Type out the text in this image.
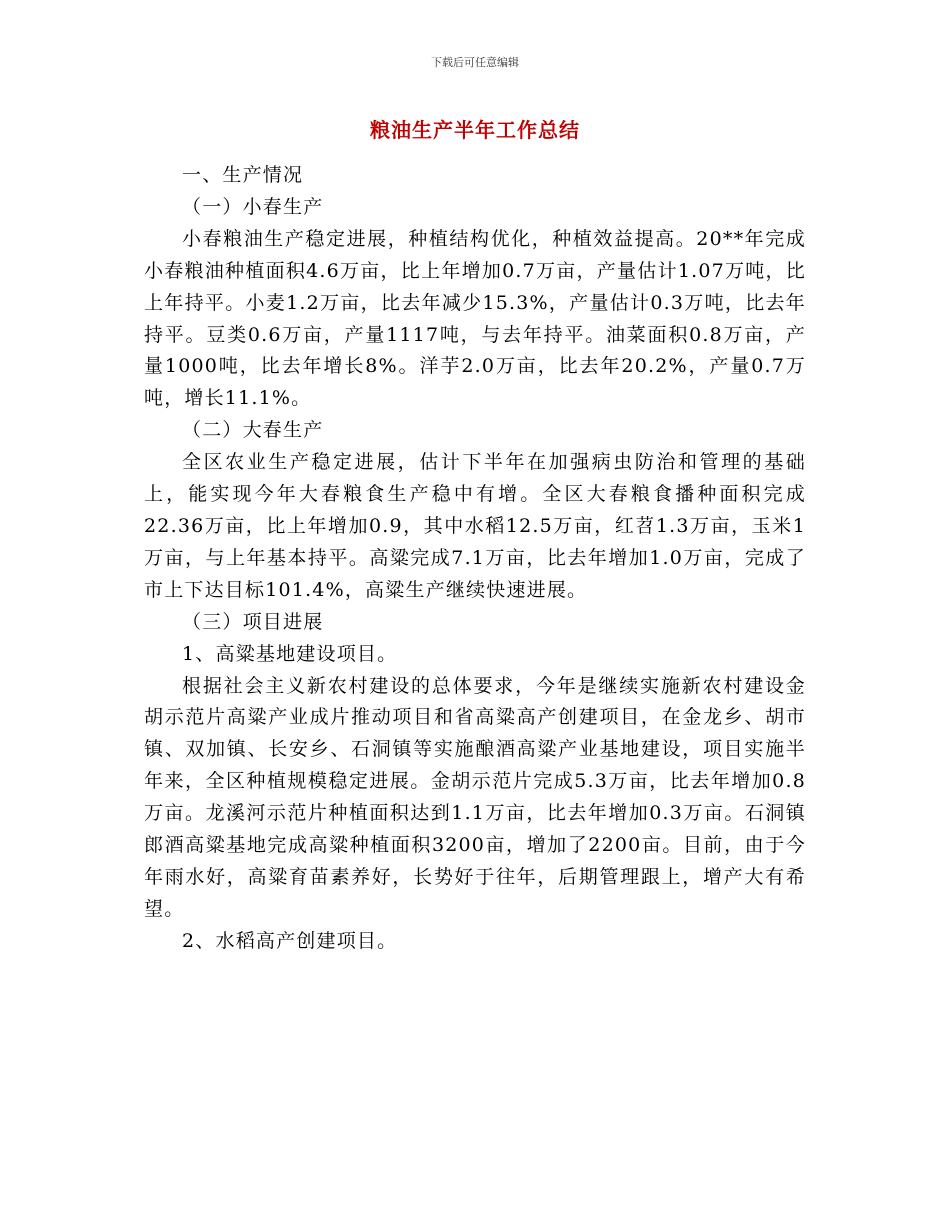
下载后可任意编辑
粮油生产半年工作总结

一、生产情况

（一）小春生产

小春粮油生产稳定进展，种植结构优化，种植效益提高。20**年完成小春粮油种植面积4.6万亩，比上年增加0.7万亩，产量估计1.07万吨，比上年持平。小麦1.2万亩，比去年减少15.3%，产量估计0.3万吨，比去年持平。豆类0.6万亩，产量1117吨，与去年持平。油菜面积0.8万亩，产量1000吨，比去年增长8%。洋芋2.0万亩，比去年20.2%，产量0.7万吨，增长11.1%。

（二）大春生产

全区农业生产稳定进展，估计下半年在加强病虫防治和管理的基础上，能实现今年大春粮食生产稳中有增。全区大春粮食播种面积完成22.36万亩，比上年增加0.9，其中水稻12.5万亩，红苕1.3万亩，玉米1万亩，与上年基本持平。高粱完成7.1万亩，比去年增加1.0万亩，完成了市上下达目标101.4%，高粱生产继续快速进展。

（三）项目进展

1、高粱基地建设项目。

根据社会主义新农村建设的总体要求，今年是继续实施新农村建设金胡示范片高粱产业成片推动项目和省高粱高产创建项目，在金龙乡、胡市镇、双加镇、长安乡、石洞镇等实施酿酒高粱产业基地建设，项目实施半年来，全区种植规模稳定进展。金胡示范片完成5.3万亩，比去年增加0.8万亩。龙溪河示范片种植面积达到1.1万亩，比去年增加0.3万亩。石洞镇郎酒高粱基地完成高粱种植面积3200亩，增加了2200亩。目前，由于今年雨水好，高粱育苗素养好，长势好于往年，后期管理跟上，增产大有希望。

2、水稻高产创建项目。
